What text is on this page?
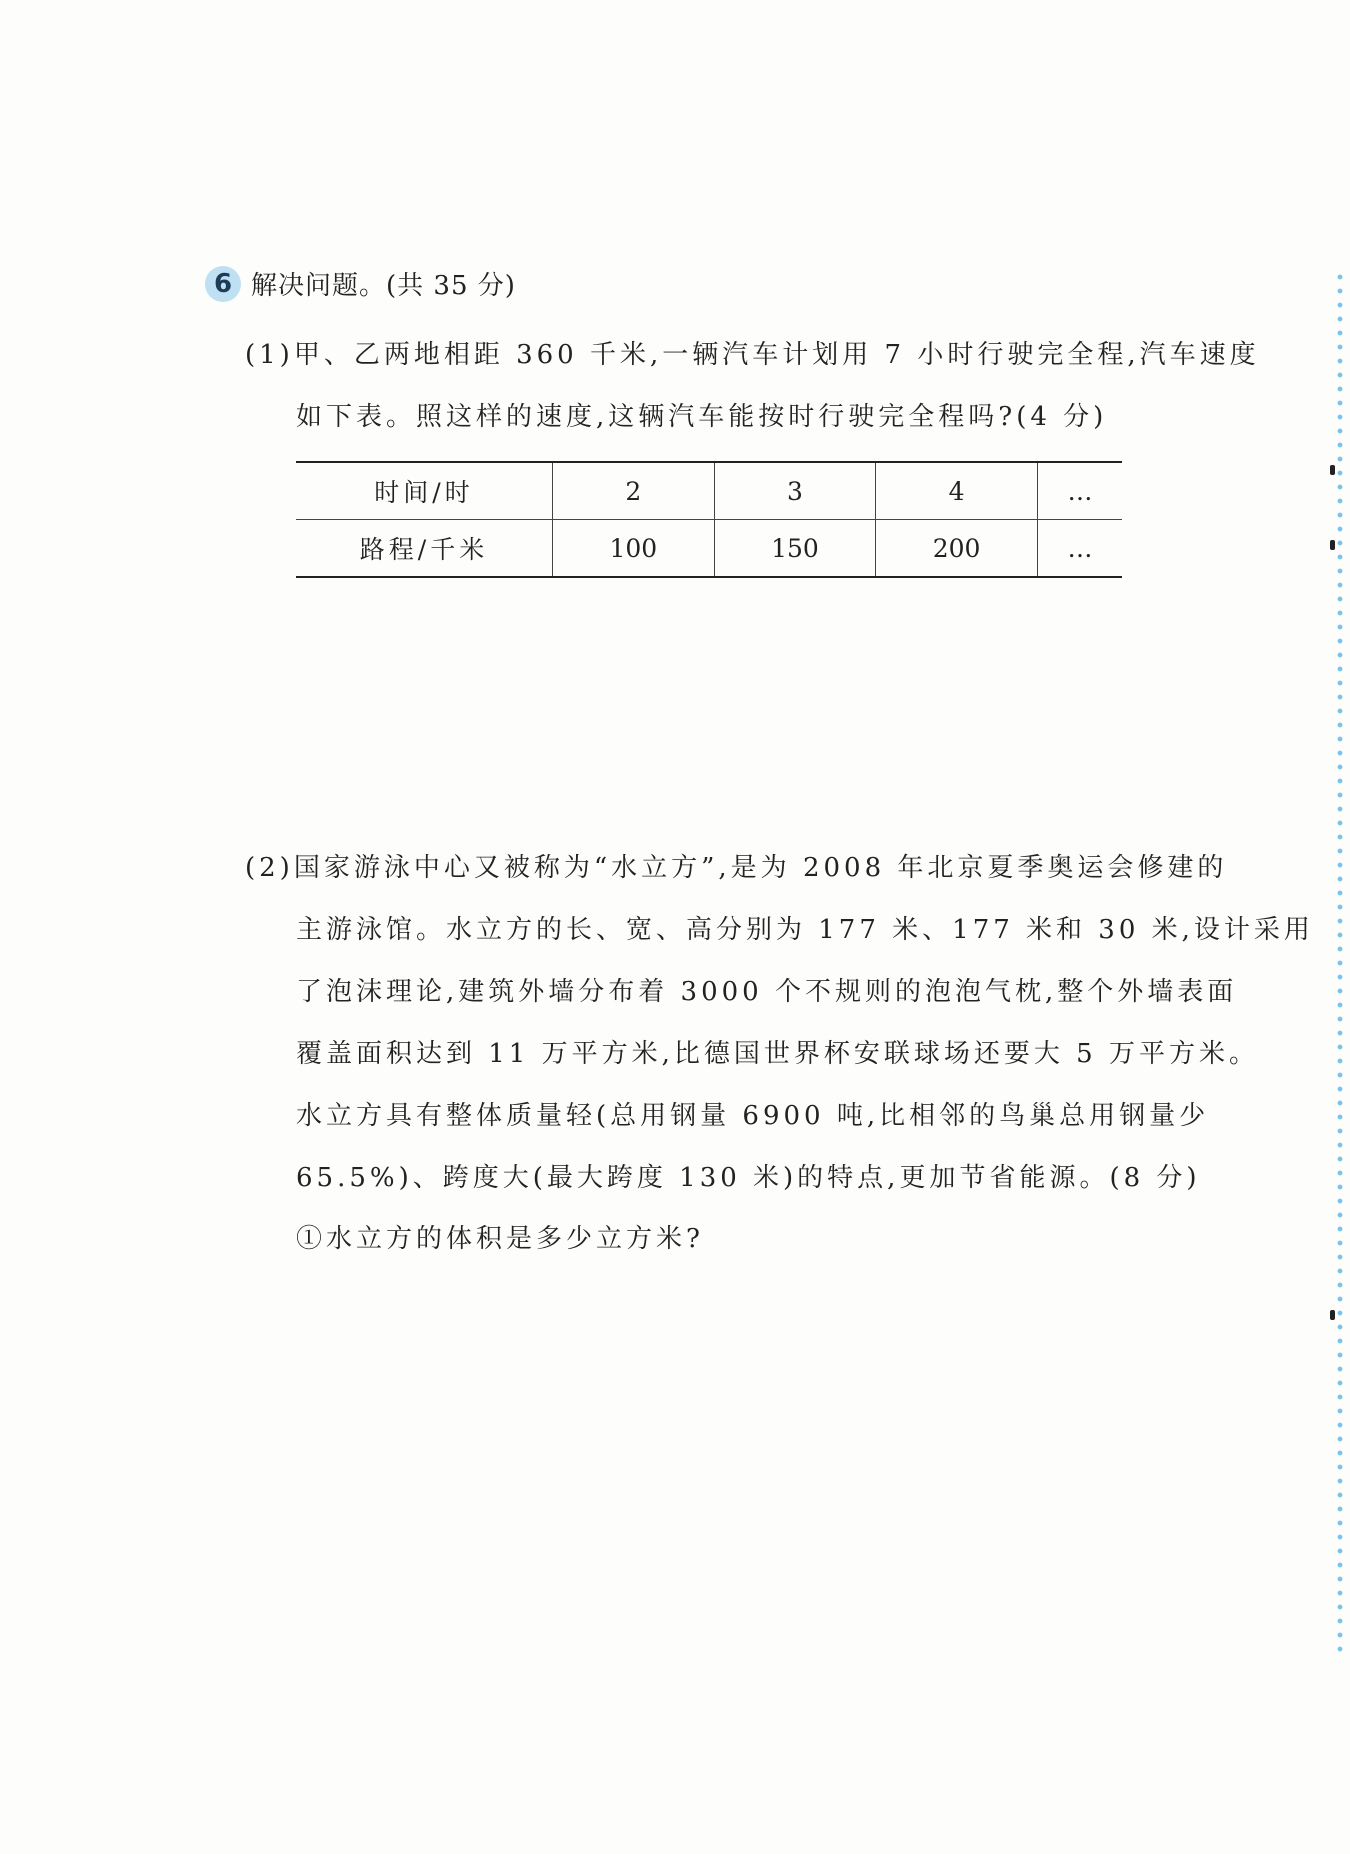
6 解决问题。(共 35 分)
(1)甲、乙两地相距 360 千米,一辆汽车计划用 7 小时行驶完全程,汽车速度
如下表。照这样的速度,这辆汽车能按时行驶完全程吗?(4 分)
时间/时	2	3	4	…
路程/千米	100	150	200	…
(2)国家游泳中心又被称为“水立方”,是为 2008 年北京夏季奥运会修建的
主游泳馆。水立方的长、宽、高分别为 177 米、177 米和 30 米,设计采用
了泡沫理论,建筑外墙分布着 3000 个不规则的泡泡气枕,整个外墙表面
覆盖面积达到 11 万平方米,比德国世界杯安联球场还要大 5 万平方米。
水立方具有整体质量轻(总用钢量 6900 吨,比相邻的鸟巢总用钢量少
65.5%)、跨度大(最大跨度 130 米)的特点,更加节省能源。(8 分)
①水立方的体积是多少立方米?
